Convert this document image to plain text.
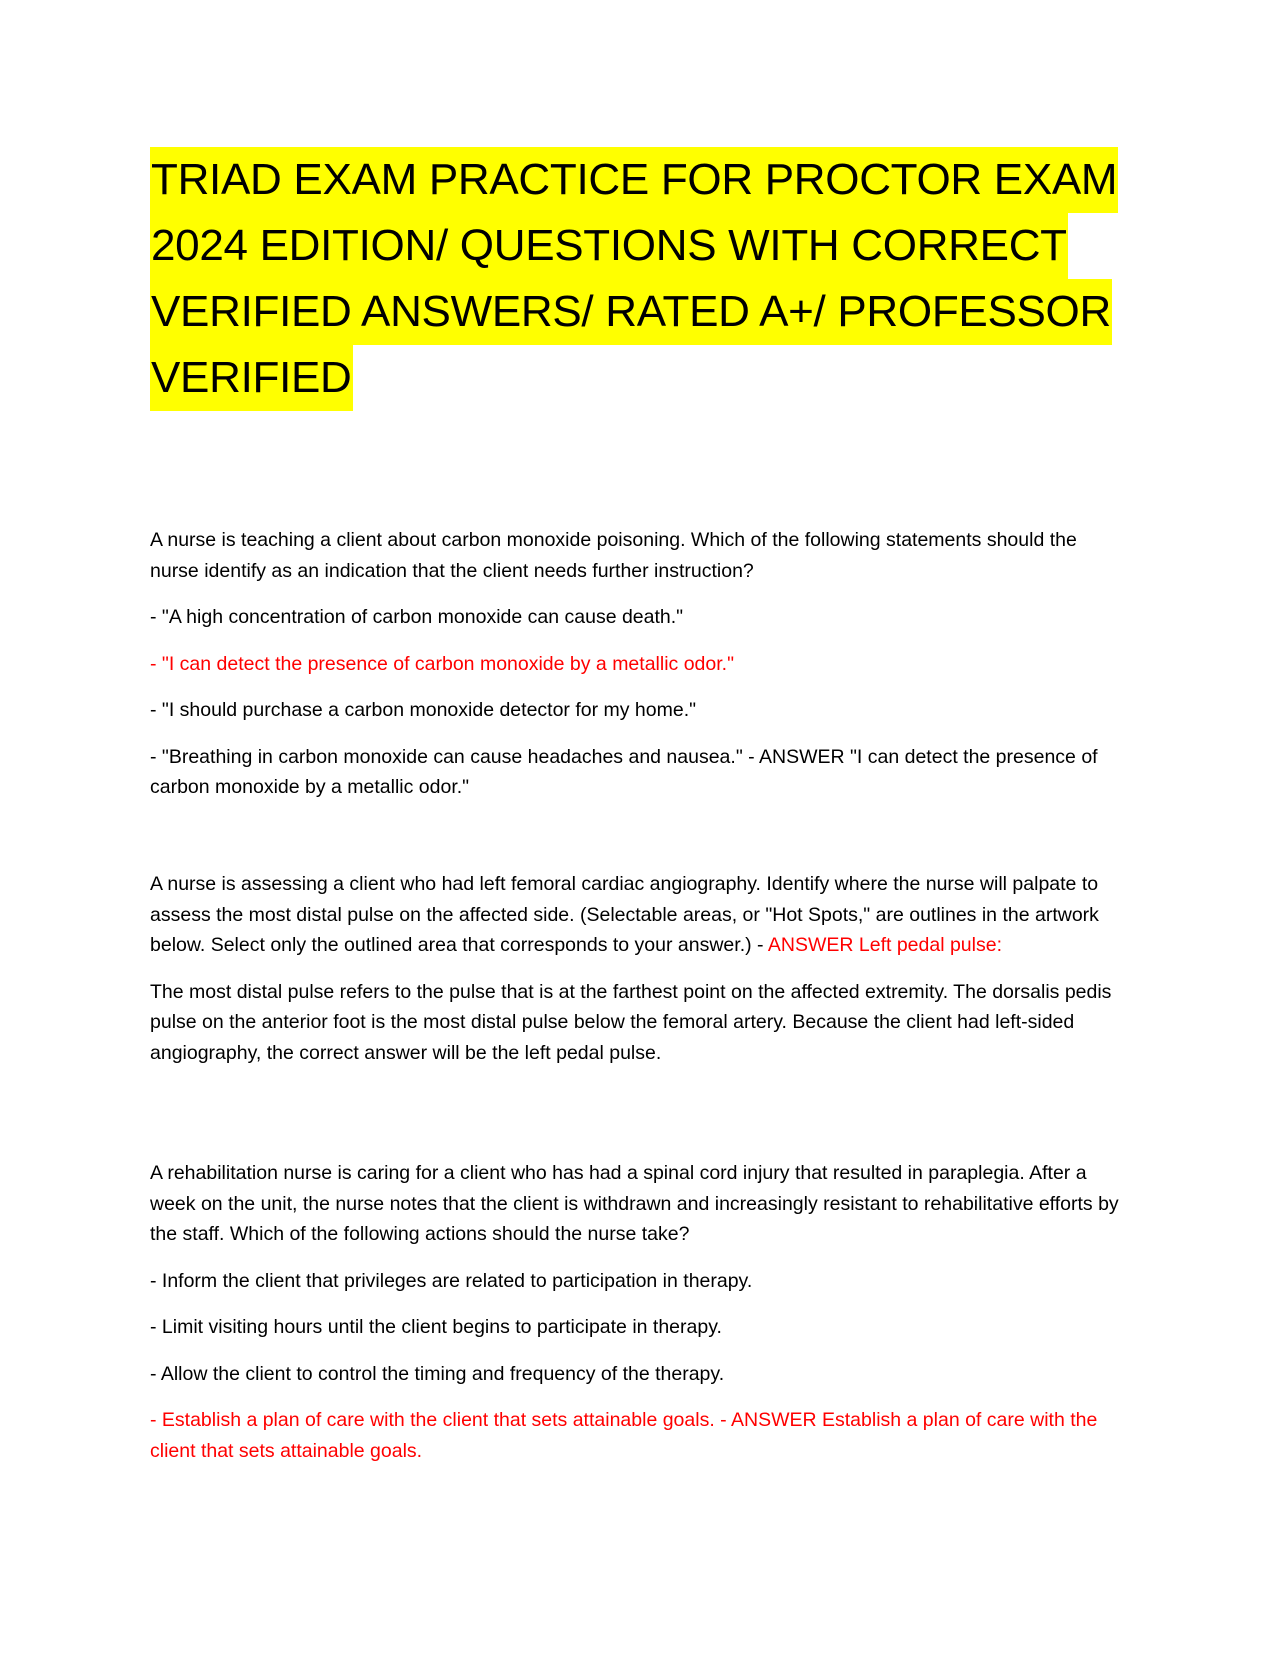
TRIAD EXAM PRACTICE FOR PROCTOR EXAM
2024 EDITION/ QUESTIONS WITH CORRECT
VERIFIED ANSWERS/ RATED A+/ PROFESSOR
VERIFIED

A nurse is teaching a client about carbon monoxide poisoning. Which of the following statements should the nurse identify as an indication that the client needs further instruction?

- "A high concentration of carbon monoxide can cause death."

- "I can detect the presence of carbon monoxide by a metallic odor."

- "I should purchase a carbon monoxide detector for my home."

- "Breathing in carbon monoxide can cause headaches and nausea." - ANSWER "I can detect the presence of carbon monoxide by a metallic odor."

A nurse is assessing a client who had left femoral cardiac angiography. Identify where the nurse will palpate to assess the most distal pulse on the affected side. (Selectable areas, or "Hot Spots," are outlines in the artwork below. Select only the outlined area that corresponds to your answer.) - ANSWER Left pedal pulse:

The most distal pulse refers to the pulse that is at the farthest point on the affected extremity. The dorsalis pedis pulse on the anterior foot is the most distal pulse below the femoral artery. Because the client had left-sided angiography, the correct answer will be the left pedal pulse.

A rehabilitation nurse is caring for a client who has had a spinal cord injury that resulted in paraplegia. After a week on the unit, the nurse notes that the client is withdrawn and increasingly resistant to rehabilitative efforts by the staff. Which of the following actions should the nurse take?

- Inform the client that privileges are related to participation in therapy.

- Limit visiting hours until the client begins to participate in therapy.

- Allow the client to control the timing and frequency of the therapy.

- Establish a plan of care with the client that sets attainable goals. - ANSWER Establish a plan of care with the client that sets attainable goals.
